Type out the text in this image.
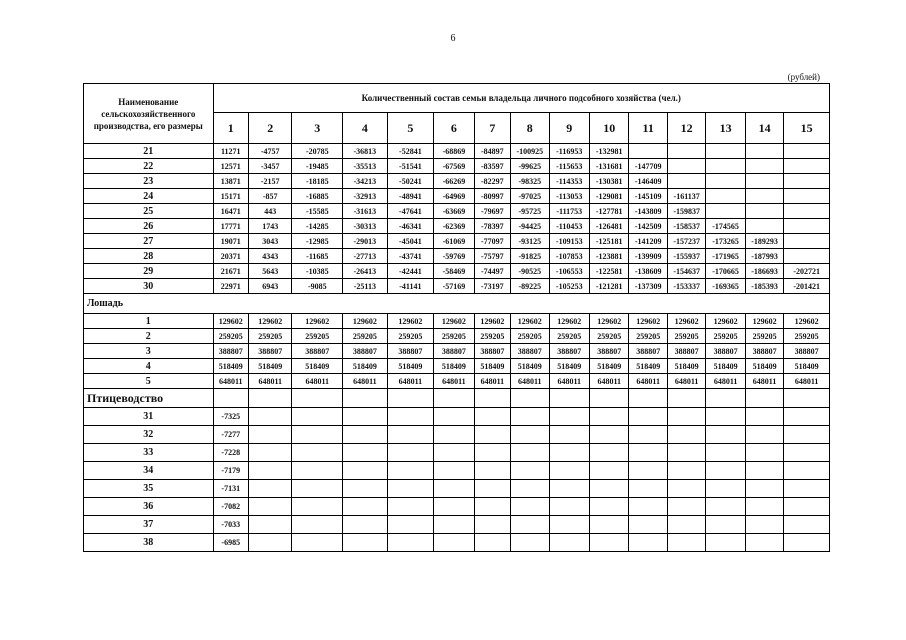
6
(рублей)
Наименование сельскохозяйственного производства, его размеры	Количественный состав семьи владельца личного подсобного хозяйства (чел.)														
	1	2	3	4	5	6	7	8	9	10	11	12	13	14	15
21	11271	-4757	-20785	-36813	-52841	-68869	-84897	-100925	-116953	-132981					
22	12571	-3457	-19485	-35513	-51541	-67569	-83597	-99625	-115653	-131681	-147709				
23	13871	-2157	-18185	-34213	-50241	-66269	-82297	-98325	-114353	-130381	-146409				
24	15171	-857	-16885	-32913	-48941	-64969	-80997	-97025	-113053	-129081	-145109	-161137			
25	16471	443	-15585	-31613	-47641	-63669	-79697	-95725	-111753	-127781	-143809	-159837			
26	17771	1743	-14285	-30313	-46341	-62369	-78397	-94425	-110453	-126481	-142509	-158537	-174565		
27	19071	3043	-12985	-29013	-45041	-61069	-77097	-93125	-109153	-125181	-141209	-157237	-173265	-189293	
28	20371	4343	-11685	-27713	-43741	-59769	-75797	-91825	-107853	-123881	-139909	-155937	-171965	-187993	
29	21671	5643	-10385	-26413	-42441	-58469	-74497	-90525	-106553	-122581	-138609	-154637	-170665	-186693	-202721
30	22971	6943	-9085	-25113	-41141	-57169	-73197	-89225	-105253	-121281	-137309	-153337	-169365	-185393	-201421
Лошадь															
1	129602	129602	129602	129602	129602	129602	129602	129602	129602	129602	129602	129602	129602	129602	129602
2	259205	259205	259205	259205	259205	259205	259205	259205	259205	259205	259205	259205	259205	259205	259205
3	388807	388807	388807	388807	388807	388807	388807	388807	388807	388807	388807	388807	388807	388807	388807
4	518409	518409	518409	518409	518409	518409	518409	518409	518409	518409	518409	518409	518409	518409	518409
5	648011	648011	648011	648011	648011	648011	648011	648011	648011	648011	648011	648011	648011	648011	648011
Птицеводство															
31	-7325														
32	-7277														
33	-7228														
34	-7179														
35	-7131														
36	-7082														
37	-7033														
38	-6985														
